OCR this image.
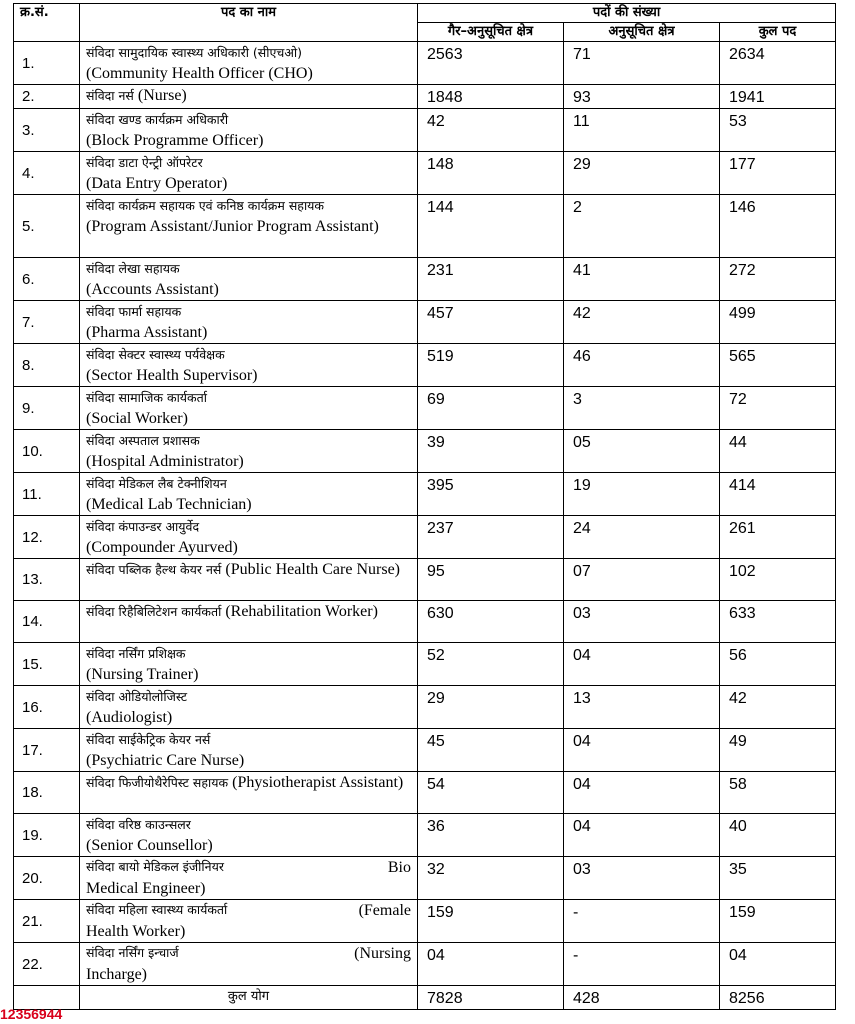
क्र.सं.	पद का नाम	पदों की संख्या		
		गैर–अनुसूचित क्षेत्र	अनुसूचित क्षेत्र	कुल पद
1.	संविदा सामुदायिक स्वास्थ्य अधिकारी (सीएचओ)
(Community Health Officer (CHO)	2563	71	2634
2.	संविदा नर्स (Nurse)	1848	93	1941
3.	संविदा खण्ड कार्यक्रम अधिकारी
(Block Programme Officer)	42	11	53
4.	संविदा डाटा ऐन्ट्री ऑपरेटर
(Data Entry Operator)	148	29	177
5.	संविदा कार्यक्रम सहायक एवं कनिष्ठ कार्यक्रम सहायक
(Program Assistant/Junior Program Assistant)	144	2	146
6.	संविदा लेखा सहायक
(Accounts Assistant)	231	41	272
7.	संविदा फार्मा सहायक
(Pharma Assistant)	457	42	499
8.	संविदा सेक्टर स्वास्थ्य पर्यवेक्षक
(Sector Health Supervisor)	519	46	565
9.	संविदा सामाजिक कार्यकर्ता
(Social Worker)	69	3	72
10.	संविदा अस्पताल प्रशासक
(Hospital Administrator)	39	05	44
11.	संविदा मेडिकल लैब टेक्नीशियन
(Medical Lab Technician)	395	19	414
12.	संविदा कंपाउन्डर आयुर्वेद
(Compounder Ayurved)	237	24	261
13.	संविदा पब्लिक हैल्थ केयर नर्स (Public Health Care Nurse)	95	07	102
14.	संविदा रिहैबिलिटेशन कार्यकर्ता (Rehabilitation Worker)	630	03	633
15.	संविदा नर्सिंग प्रशिक्षक
(Nursing Trainer)	52	04	56
16.	संविदा ओडियोलोजिस्ट
(Audiologist)	29	13	42
17.	संविदा साईकेट्रिक केयर नर्स
(Psychiatric Care Nurse)	45	04	49
18.	संविदा फिजीयोथैरेपिस्ट सहायक (Physiotherapist Assistant)	54	04	58
19.	संविदा वरिष्ठ काउन्सलर
(Senior Counsellor)	36	04	40
20.	संविदा बायो मेडिकल इंजीनियर Bio
Medical Engineer)	32	03	35
21.	संविदा महिला स्वास्थ्य कार्यकर्ता (Female
Health Worker)	159	-	159
22.	संविदा नर्सिंग इन्चार्ज (Nursing
Incharge)	04	-	04
	कुल योग	7828	428	8256
12356944
